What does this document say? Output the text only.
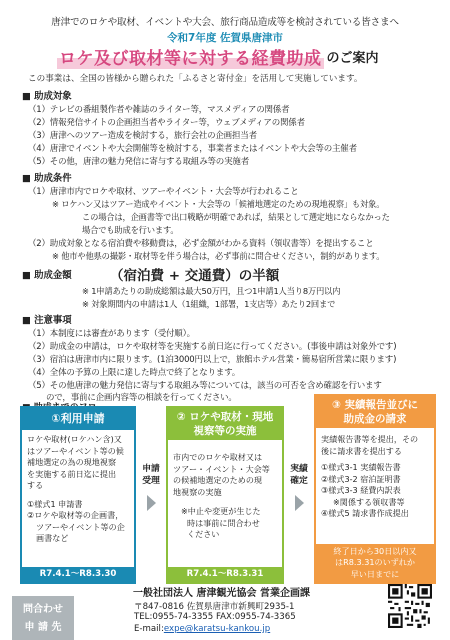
唐津でのロケや取材、イベントや大会、旅行商品造成等を検討されている皆さまへ
令和7年度 佐賀県唐津市
ロケ及び取材等に対する経費助成 のご案内
この事業は、全国の皆様から贈られた「ふるさと寄付金」を活用して実施しています。
■ 助成対象
（1）テレビの番組製作者や雑誌のライター等，マスメディアの関係者
（2）情報発信サイトの企画担当者やライター等，ウェブメディアの関係者
（3）唐津へのツアー造成を検討する，旅行会社の企画担当者
（4）唐津でイベントや大会開催等を検討する，事業者またはイベントや大会等の主催者
（5）その他，唐津の魅力発信に寄与する取組み等の実施者
■ 助成条件
（1）唐津市内でロケや取材、ツアーやイベント・大会等が行われること
※ ロケハン又はツアー造成やイベント・大会等の「候補地選定のための現地視察」も対象。
この場合は，企画書等で出口戦略が明確であれば，結果として選定地にならなかった
場合でも助成を行います。
（2）助成対象となる宿泊費や移動費は，必ず金額がわかる資料（領収書等）を提出すること
※ 他市や他県の撮影・取材等を伴う場合は，必ず事前に問合せください，制約があります。
■ 助成金額	（宿泊費 + 交通費）の半額
※ 1申請あたりの助成総額は最大50万円，且つ1申請1人当り8万円以内
※ 対象期間内の申請は1人（1組織，1部署，1支店等）あたり2回まで
■ 注意事項
（1）本制度には審査があります（受付順）。
（2）助成金の申請は，ロケや取材等を実施する前日迄に行ってください。(事後申請は対象外です)
（3）宿泊は唐津市内に限ります。(1泊3000円以上で，旅館ホテル営業・簡易宿所営業に限ります)
（4）全体の予算の上限に達した時点で終了となります。
（5）その他唐津の魅力発信に寄与する取組み等については，該当の可否を含め確認を行います
ので，事前に企画内容等の相談を行ってください。
①利用申請
ロケや取材(ロケハン含)又
はツアーやイベント等の候
補地選定の為の現地視察
を実施する前日迄に提出
する
①様式1 申請書
②ロケや取材等の企画書，
ツアーやイベント等の企
画書など
R7.4.1～R8.3.30
申請受理
② ロケや取材・現地
視察等の実施
市内でのロケや取材又は
ツアー・イベント・大会等
の候補地選定のための現
地視察の実施
※中止や変更が生じた
時は事前に問合わせ
ください
R7.4.1～R8.3.31
実績確定
③ 実績報告並びに
助成金の請求
実績報告書等を提出，その
後に請求書を提出する
①様式3-1 実績報告書
②様式3-2 宿泊証明書
③様式3-3 経費内訳表
※関係する領収書等
④様式5 請求書作成提出
終了日から30日以内又
はR8.3.31のいずれか
早い日までに
問合わせ
申 請 先
一般社団法人 唐津観光協会 営業企画課
〒847-0816 佐賀県唐津市新興町2935-1
TEL:0955-74-3355 FAX:0955-74-3365
E-mail:expe@karatsu-kankou.jp
